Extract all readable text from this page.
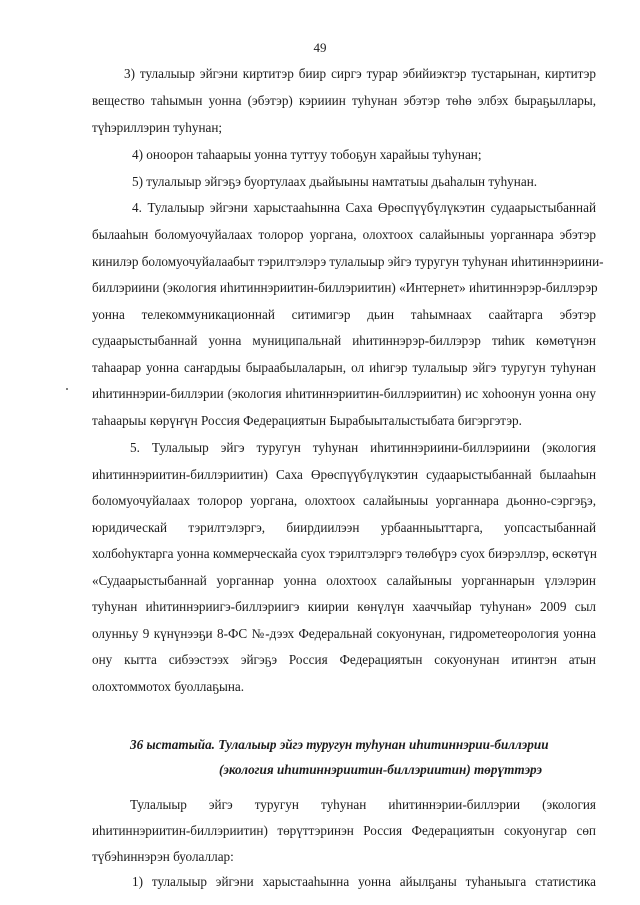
49
3) тулалыыр эйгэни киртитэр биир сиргэ турар эбийиэктэр тустарынан, киртитэр
вещество таһымын уонна (эбэтэр) кэрииин туһунан эбэтэр төһө элбэх быраҕыллары,
түһэриллэрин туһунан;
4) оноорон таһаарыы уонна туттуу тобоҕун харайыы туһунан;
5) тулалыыр эйгэҕэ буортулаах дьайыыны намтатыы дьаһалын туһунан.
4. Тулалыыр эйгэни харыстааһынна Саха Өрөспүүбүлүкэтин судаарыстыбаннай
былааһын боломуочуйалаах толорор уоргана, олохтоох салайыныы уорганнара эбэтэр
кинилэр боломуочуйалаабыт тэрилтэлэрэ тулалыыр эйгэ туругун туһунан иһитиннэриини-
биллэриини (экология иһитиннэриитин-биллэриитин) «Интернет» иһитиннэрэр-биллэрэр
уонна телекоммуникационнай ситимигэр дьин таһымнаах саайтарга эбэтэр
судаарыстыбаннай уонна муниципальнай иһитиннэрэр-биллэрэр тиһик көмөтүнэн
таһаарар уонна саҥардыы быраабылаларын, ол иһигэр тулалыыр эйгэ туругун туһунан
иһитиннэрии-биллэрии (экология иһитиннэриитин-биллэриитин) ис хоһоонун уонна ону
таһаарыы көрүҥүн Россия Федерациятын Бырабыыталыстыбата бигэргэтэр.
5. Тулалыыр эйгэ туругун туһунан иһитиннэриини-биллэриини (экология
иһитиннэриитин-биллэриитин) Саха Өрөспүүбүлүкэтин судаарыстыбаннай былааһын
боломуочуйалаах толорор уоргана, олохтоох салайыныы уорганнара дьонно-сэргэҕэ,
юридическай тэрилтэлэргэ, биирдиилээн урбаанныыттарга, уопсастыбаннай
холбоһуктарга уонна коммерческайа суох тэрилтэлэргэ төлөбүрэ суох биэрэллэр, өскөтүн
«Судаарыстыбаннай уорганнар уонна олохтоох салайыныы уорганнарын үлэлэрин
туһунан иһитиннэриигэ-биллэриигэ киирии көнүлүн хааччыйар туһунан» 2009 сыл
олунньу 9 күнүнээҕи 8-ФС №-дээх Федеральнай сокуонунан, гидрометеорология уонна
ону кытта сибээстээх эйгэҕэ Россия Федерациятын сокуонунан итинтэн атын
олохтоммотох буоллаҕына.
36 ыстатыйа. Тулалыыр эйгэ туругун туһунан иһитиннэрии-биллэрии
(экология иһитиннэриитин-биллэриитин) төрүттэрэ
Тулалыыр эйгэ туругун туһунан иһитиннэрии-биллэрии (экология
иһитиннэриитин-биллэриитин) төрүттэринэн Россия Федерациятын сокуонугар сөп
түбэһиннэрэн буолаллар:
1) тулалыыр эйгэни харыстааһынна уонна айылҕаны туһаныыга статистика
